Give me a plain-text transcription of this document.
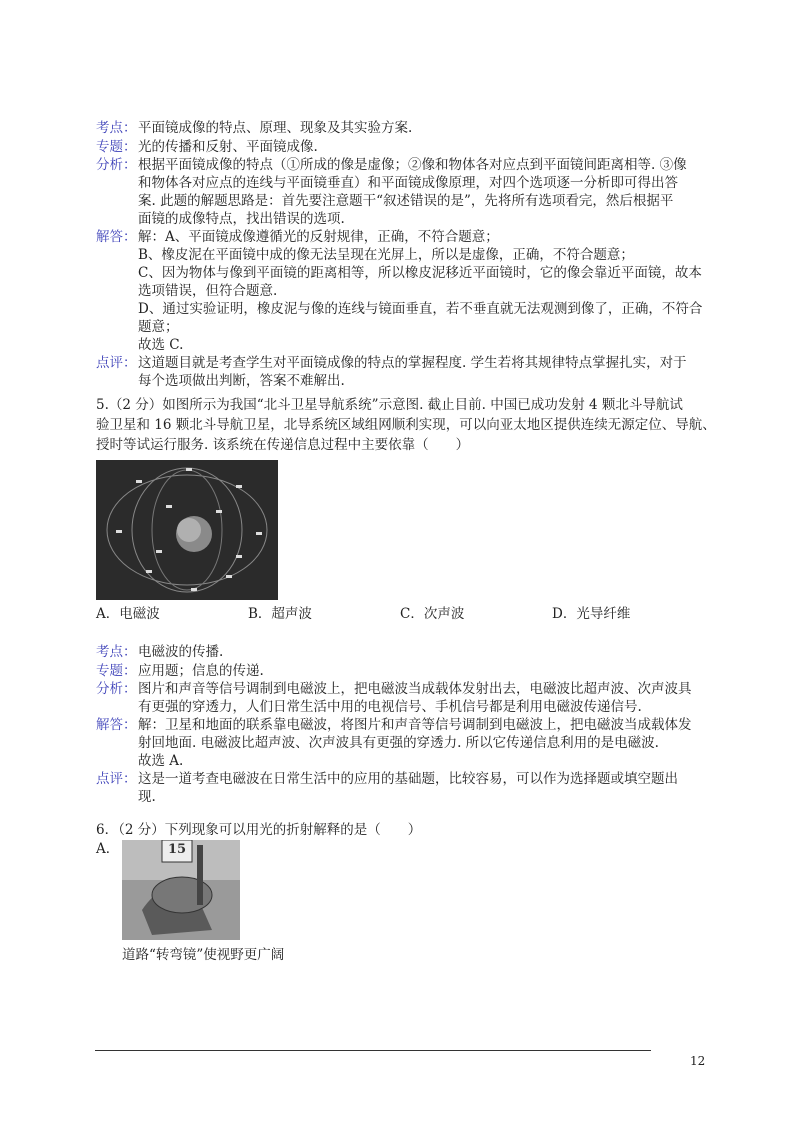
考点： 平面镜成像的特点、原理、现象及其实验方案.
专题： 光的传播和反射、平面镜成像.
分析： 根据平面镜成像的特点（①所成的像是虚像；②像和物体各对应点到平面镜间距离相等. ③像
和物体各对应点的连线与平面镜垂直）和平面镜成像原理，对四个选项逐一分析即可得出答
案. 此题的解题思路是：首先要注意题干“叙述错误的是”，先将所有选项看完，然后根据平
面镜的成像特点，找出错误的选项.
解答： 解：A、平面镜成像遵循光的反射规律，正确，不符合题意；
B、橡皮泥在平面镜中成的像无法呈现在光屏上，所以是虚像，正确，不符合题意；
C、因为物体与像到平面镜的距离相等，所以橡皮泥移近平面镜时，它的像会靠近平面镜，故本
选项错误，但符合题意.
D、通过实验证明，橡皮泥与像的连线与镜面垂直，若不垂直就无法观测到像了，正确，不符合
题意；
故选 C.
点评： 这道题目就是考查学生对平面镜成像的特点的掌握程度. 学生若将其规律特点掌握扎实，对于
每个选项做出判断，答案不难解出.
5.（2 分）如图所示为我国“北斗卫星导航系统”示意图. 截止目前. 中国已成功发射 4 颗北斗导航试
验卫星和 16 颗北斗导航卫星，北导系统区域组网顺利实现，可以向亚太地区提供连续无源定位、导航、
授时等试运行服务. 该系统在传递信息过程中主要依靠（　　）
A．电磁波	B．超声波	C．次声波	D．光导纤维
考点： 电磁波的传播.
专题： 应用题；信息的传递.
分析： 图片和声音等信号调制到电磁波上，把电磁波当成载体发射出去，电磁波比超声波、次声波具
有更强的穿透力，人们日常生活中用的电视信号、手机信号都是利用电磁波传递信号.
解答： 解：卫星和地面的联系靠电磁波，将图片和声音等信号调制到电磁波上，把电磁波当成载体发
射回地面. 电磁波比超声波、次声波具有更强的穿透力. 所以它传递信息利用的是电磁波.
故选 A.
点评： 这是一道考查电磁波在日常生活中的应用的基础题，比较容易，可以作为选择题或填空题出
现.
6．（2 分）下列现象可以用光的折射解释的是（　　）
A．	15
道路“转弯镜”使视野更广阔
12
